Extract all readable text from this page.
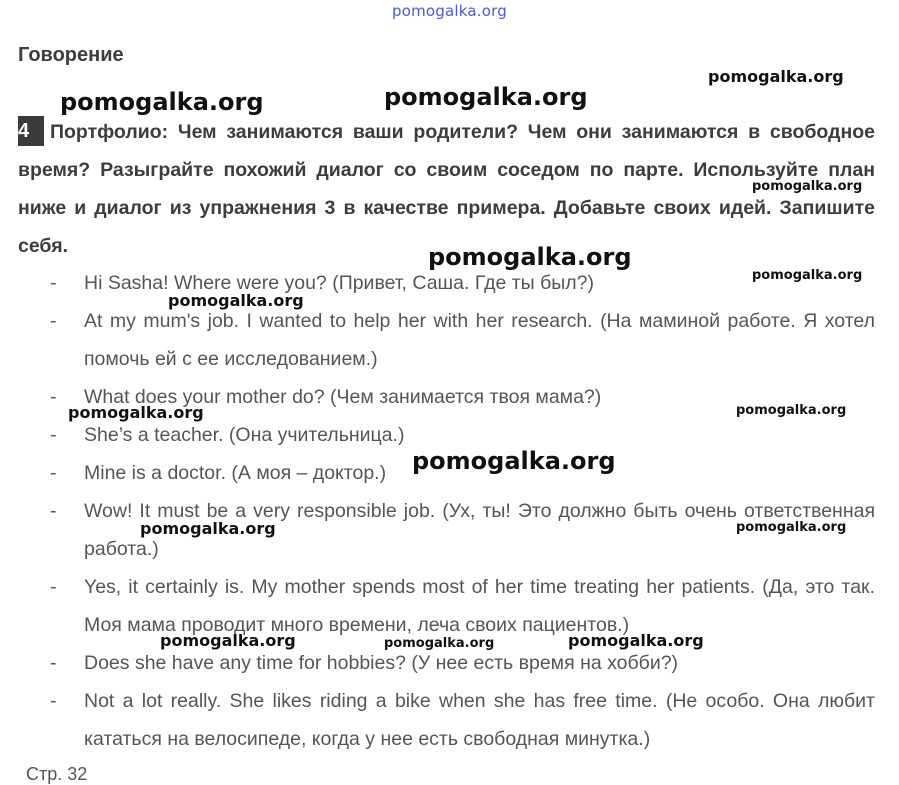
pomogalka.org
Говорение
4 Портфолио: Чем занимаются ваши родители? Чем они занимаются в свободное время? Разыграйте похожий диалог со своим соседом по парте. Используйте план ниже и диалог из упражнения 3 в качестве примера. Добавьте своих идей. Запишите себя.
- Hi Sasha! Where were you? (Привет, Саша. Где ты был?)
- At my mum's job. I wanted to help her with her research. (На маминой работе. Я хотел помочь ей с ее исследованием.)
- What does your mother do? (Чем занимается твоя мама?)
- She’s a teacher. (Она учительница.)
- Mine is a doctor. (А моя – доктор.)
- Wow! It must be a very responsible job. (Ух, ты! Это должно быть очень ответственная работа.)
- Yes, it certainly is. My mother spends most of her time treating her patients. (Да, это так. Моя мама проводит много времени, леча своих пациентов.)
- Does she have any time for hobbies? (У нее есть время на хобби?)
- Not a lot really. She likes riding a bike when she has free time. (Не особо. Она любит кататься на велосипеде, когда у нее есть свободная минутка.)
pomogalka.org
pomogalka.org	pomogalka.org
pomogalka.org
pomogalka.org
pomogalka.org
pomogalka.org
pomogalka.org	pomogalka.org
pomogalka.org
pomogalka.org	pomogalka.org
pomogalka.org	pomogalka.org	pomogalka.org
Стр. 32
